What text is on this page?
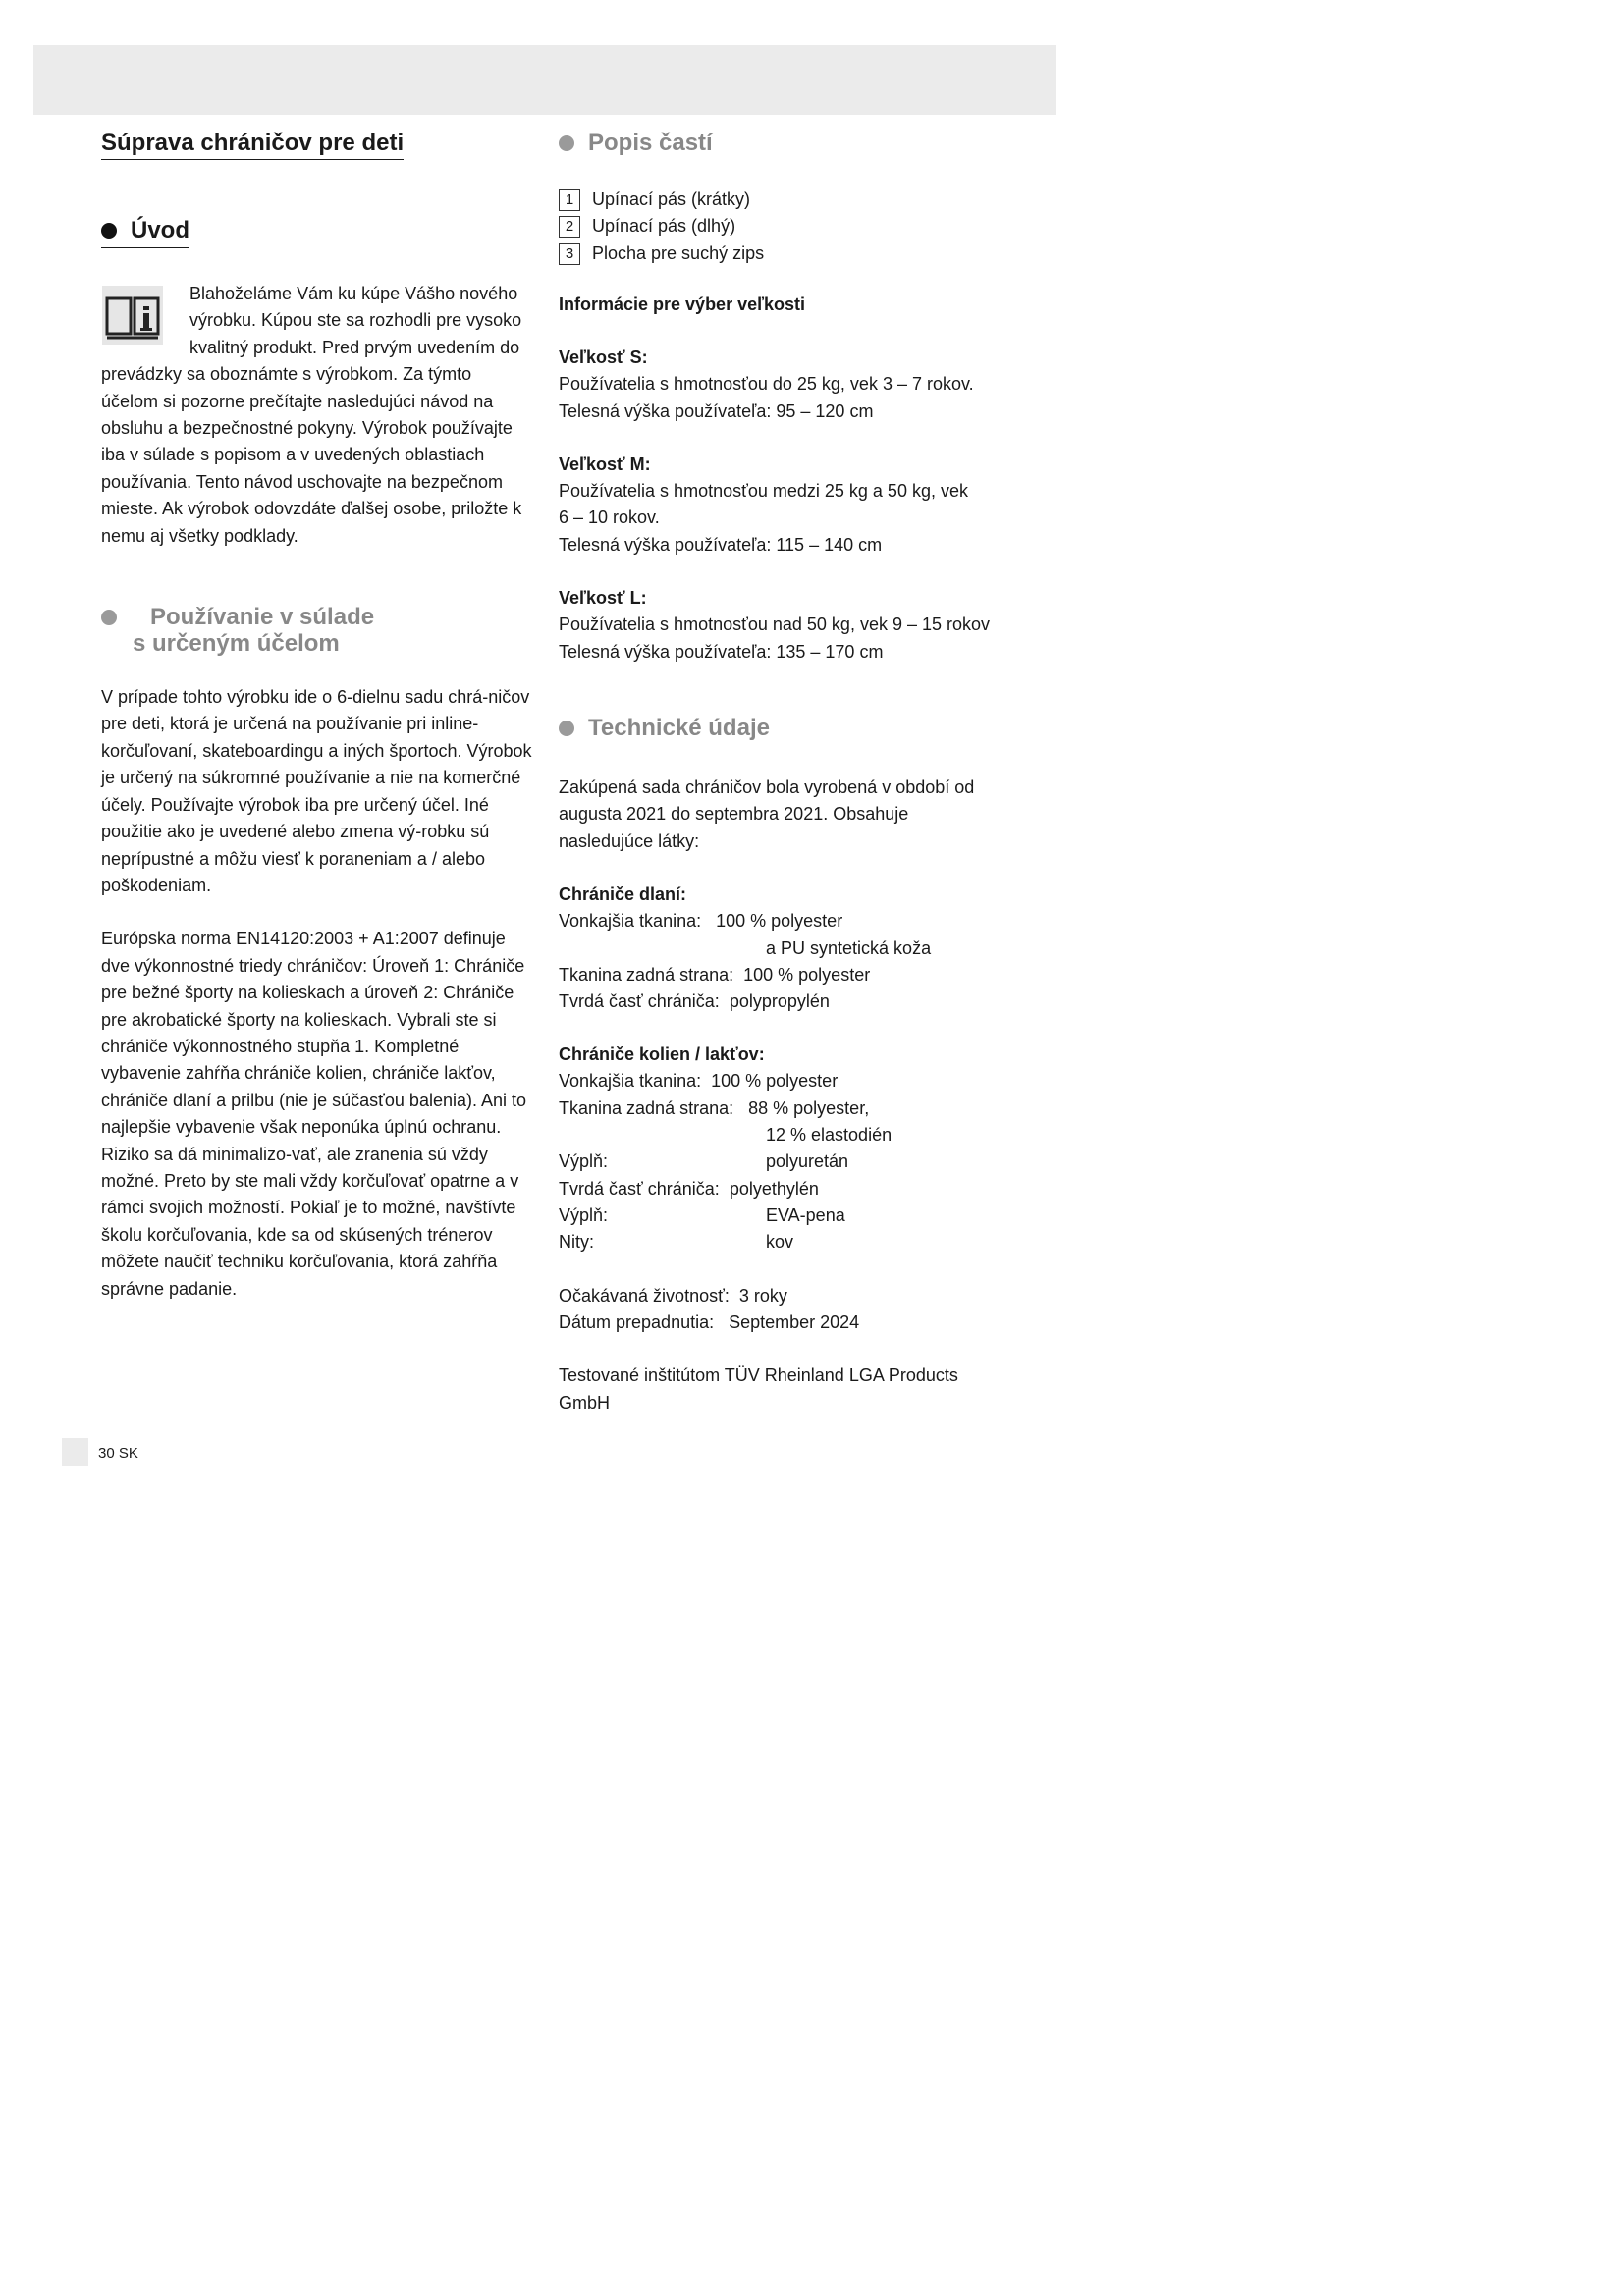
Súprava chráničov pre deti
Úvod

Blahoželáme Vám ku kúpe Vášho nového výrobku. Kúpou ste sa rozhodli pre vysoko kvalitný produkt. Pred prvým uvedením do prevádzky sa oboznámte s výrobkom. Za týmto účelom si pozorne prečítajte nasledujúci návod na obsluhu a bezpečnostné pokyny. Výrobok používajte iba v súlade s popisom a v uvedených oblastiach používania. Tento návod uschovajte na bezpečnom mieste. Ak výrobok odovzdáte ďalšej osobe, priložte k nemu aj všetky podklady.

Používanie v súlade
s určeným účelom

V prípade tohto výrobku ide o 6-dielnu sadu chrá-ničov pre deti, ktorá je určená na používanie pri inline-korčuľovaní, skateboardingu a iných športoch. Výrobok je určený na súkromné používanie a nie na komerčné účely. Používajte výrobok iba pre určený účel. Iné použitie ako je uvedené alebo zmena vý-robku sú neprípustné a môžu viesť k poraneniam a / alebo poškodeniam.

Európska norma EN14120:2003 + A1:2007 definuje dve výkonnostné triedy chráničov: Úroveň 1: Chrániče pre bežné športy na kolieskach a úroveň 2: Chrániče pre akrobatické športy na kolieskach. Vybrali ste si chrániče výkonnostného stupňa 1. Kompletné vybavenie zahŕňa chrániče kolien, chrániče lakťov, chrániče dlaní a prilbu (nie je súčasťou balenia). Ani to najlepšie vybavenie však neponúka úplnú ochranu. Riziko sa dá minimalizo-vať, ale zranenia sú vždy možné. Preto by ste mali vždy korčuľovať opatrne a v rámci svojich možností. Pokiaľ je to možné, navštívte školu korčuľovania, kde sa od skúsených trénerov môžete naučiť techniku korčuľovania, ktorá zahŕňa správne padanie.

Popis častí
1	Upínací pás (krátky)
2	Upínací pás (dlhý)
3	Plocha pre suchý zips
Informácie pre výber veľkosti
Veľkosť S:

Používatelia s hmotnosťou do 25 kg, vek 3 – 7 rokov.

Telesná výška používateľa: 95 – 120 cm

Veľkosť M:

Používatelia s hmotnosťou medzi 25 kg a 50 kg, vek 6 – 10 rokov.

Telesná výška používateľa: 115 – 140 cm

Veľkosť L:

Používatelia s hmotnosťou nad 50 kg, vek 9 – 15 rokov

Telesná výška používateľa: 135 – 170 cm

Technické údaje

Zakúpená sada chráničov bola vyrobená v období od augusta 2021 do septembra 2021. Obsahuje nasledujúce látky:

Chrániče dlaní:
Vonkajšia tkanina: 100 % polyester
a PU syntetická koža
Tkanina zadná strana: 100 % polyester
Tvrdá časť chrániča: polypropylén
Chrániče kolien / lakťov:
Vonkajšia tkanina: 100 % polyester
Tkanina zadná strana: 88 % polyester,
12 % elastodién
Výplň:	polyuretán
Tvrdá časť chrániča: polyethylén
Výplň:	EVA-pena
Nity:	kov

Očakávaná životnosť:  3 roky

Dátum prepadnutia:   September 2024

Testované inštitútom TÜV Rheinland LGA Products GmbH

30 SK
